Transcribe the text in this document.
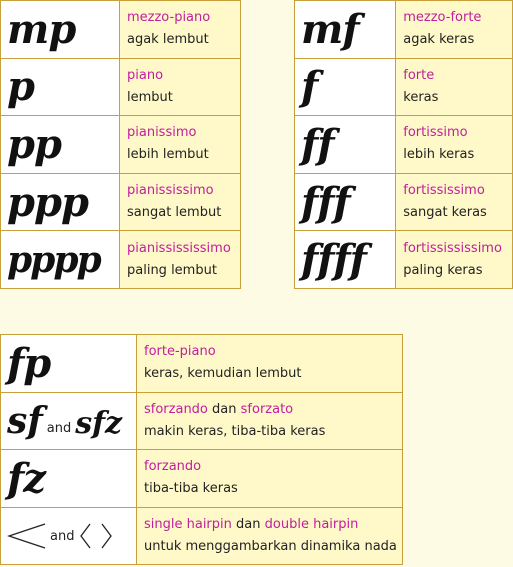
mp	mezzo-piano
agak lembut

p	piano
lembut

pp	pianissimo
lebih lembut

ppp	pianississimo
sangat lembut

pppp	pianissississimo
paling lembut
mf	mezzo-forte
agak keras

f	forte
keras

ff	fortissimo
lebih keras

fff	fortississimo
sangat keras

ffff	fortissississimo
paling keras
fp	forte-piano
keras, kemudian lembut

sf and sfz	sforzando dan sforzato
makin keras, tiba-tiba keras

fz	forzando
tiba-tiba keras

and	single hairpin dan double hairpin
untuk menggambarkan dinamika nada
